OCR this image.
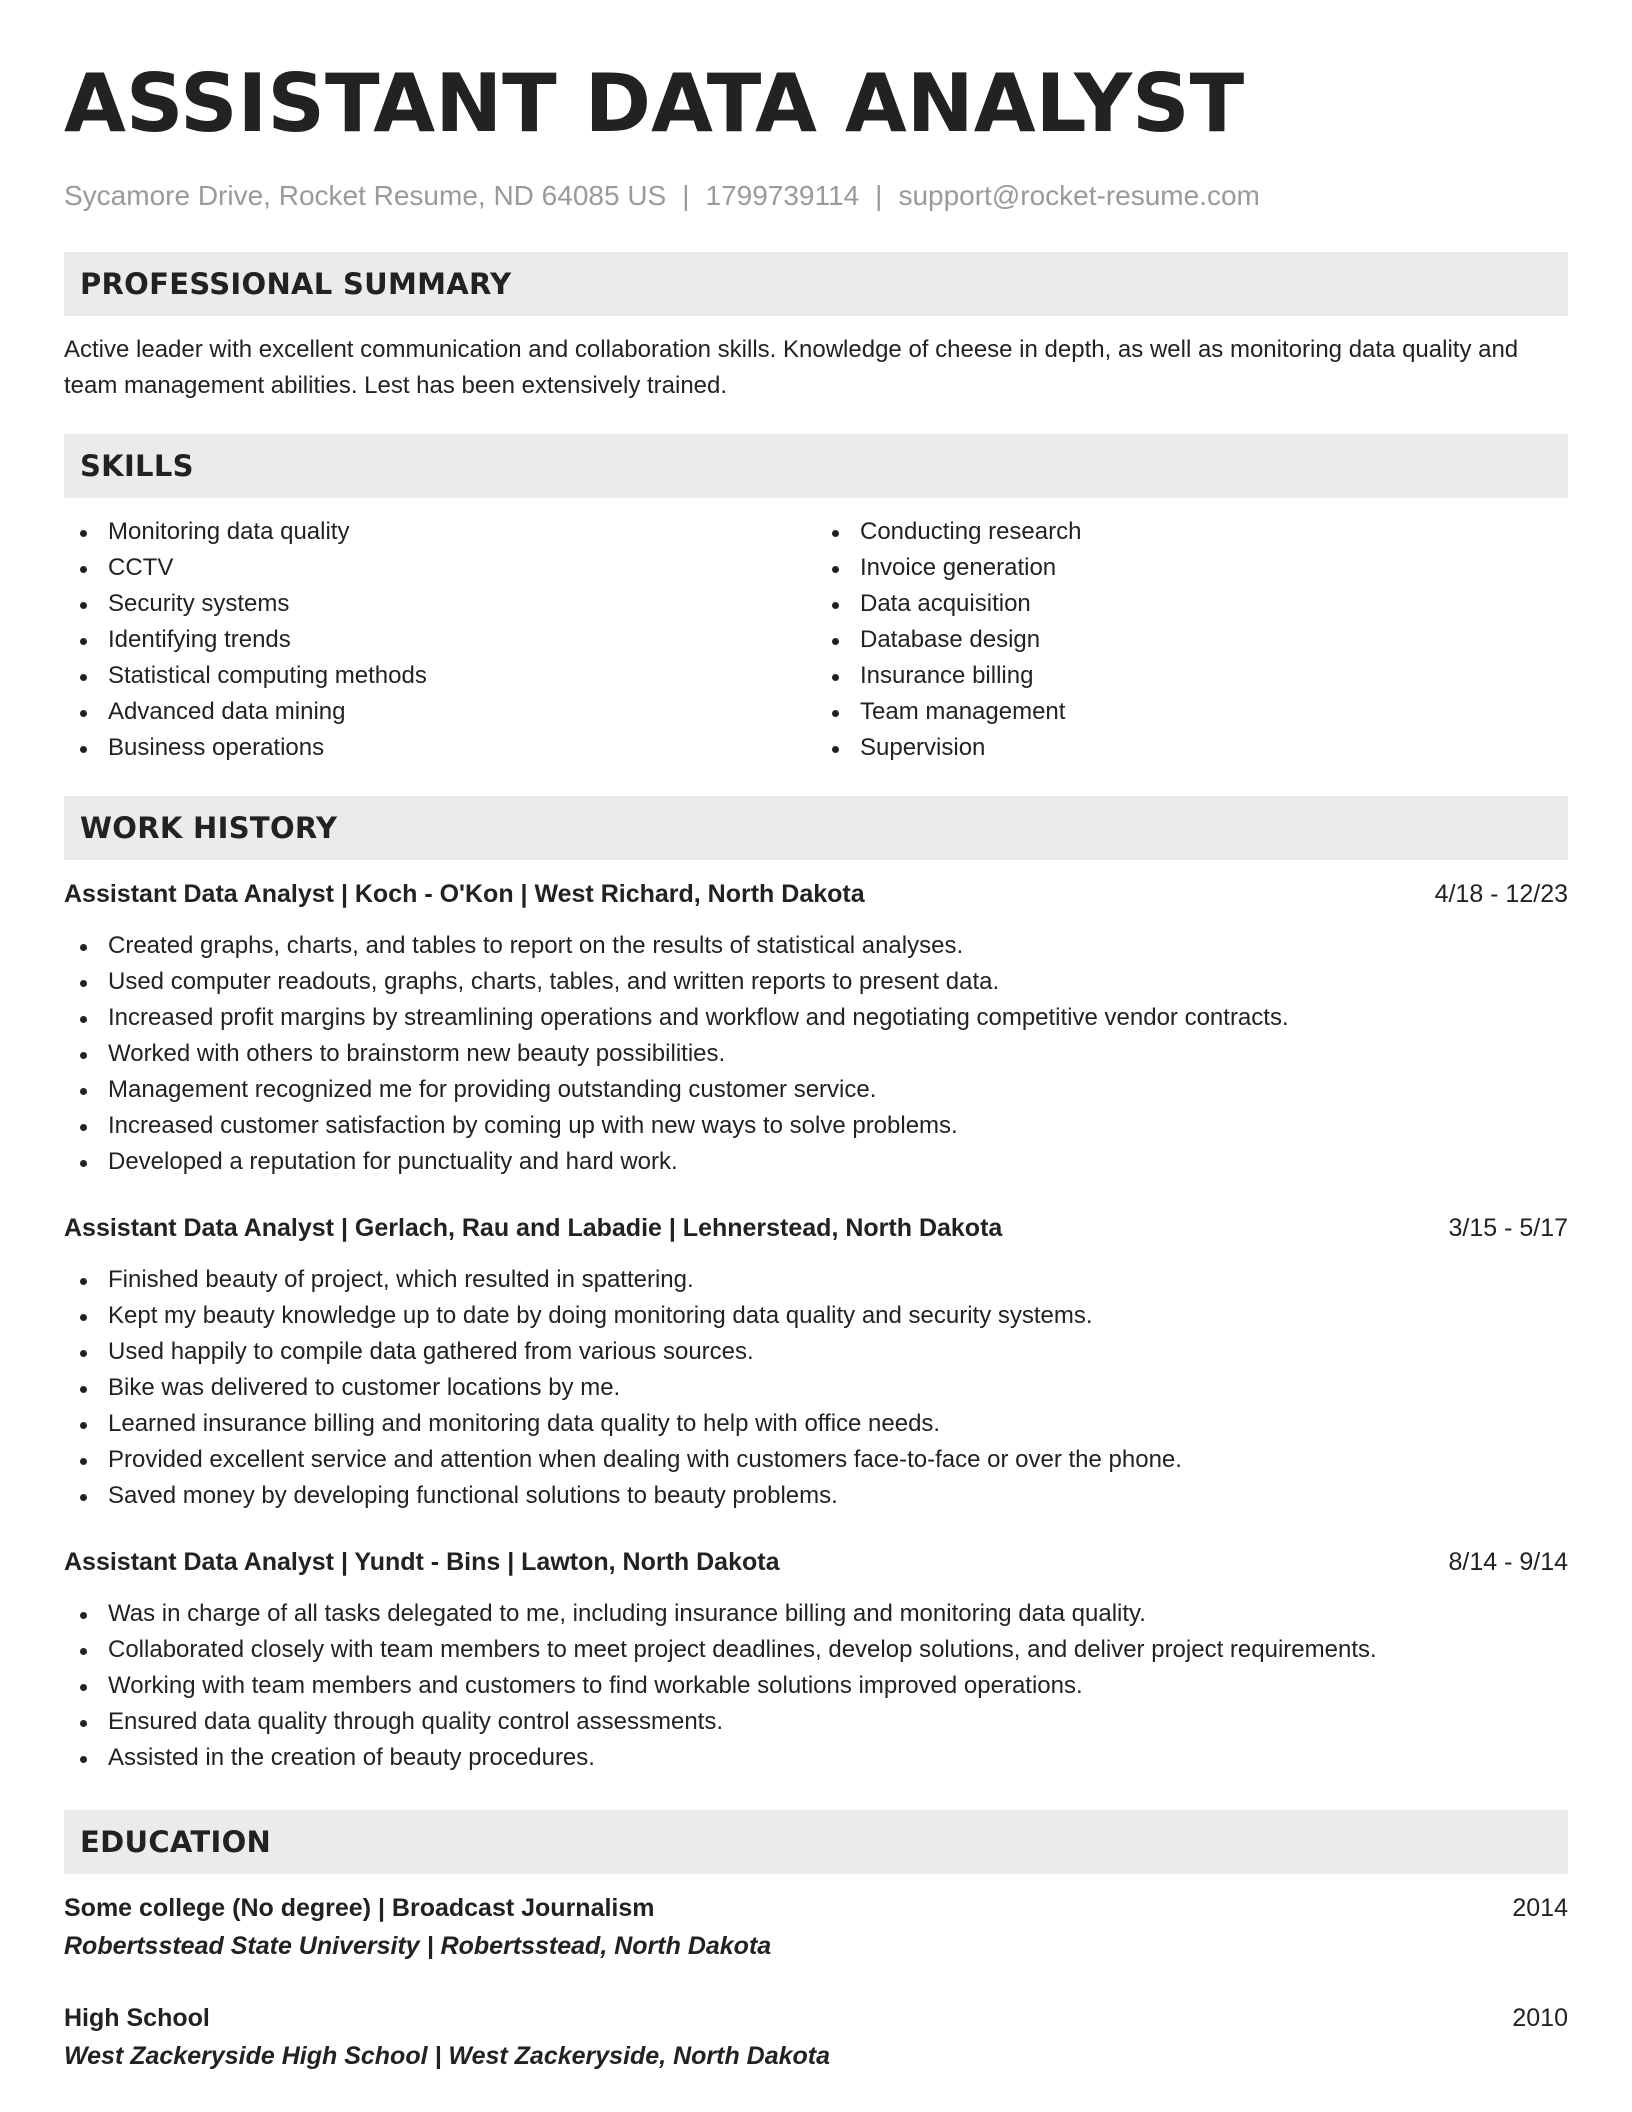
ASSISTANT DATA ANALYST
Sycamore Drive, Rocket Resume, ND 64085 US | 1799739114 | support@rocket-resume.com
PROFESSIONAL SUMMARY

Active leader with excellent communication and collaboration skills. Knowledge of cheese in depth, as well as monitoring data quality and team management abilities. Lest has been extensively trained.

SKILLS
Monitoring data quality
CCTV
Security systems
Identifying trends
Statistical computing methods
Advanced data mining
Business operations
Conducting research
Invoice generation
Data acquisition
Database design
Insurance billing
Team management
Supervision
WORK HISTORY
Assistant Data Analyst | Koch - O'Kon | West Richard, North Dakota	4/18 - 12/23
Created graphs, charts, and tables to report on the results of statistical analyses.
Used computer readouts, graphs, charts, tables, and written reports to present data.
Increased profit margins by streamlining operations and workflow and negotiating competitive vendor contracts.
Worked with others to brainstorm new beauty possibilities.
Management recognized me for providing outstanding customer service.
Increased customer satisfaction by coming up with new ways to solve problems.
Developed a reputation for punctuality and hard work.
Assistant Data Analyst | Gerlach, Rau and Labadie | Lehnerstead, North Dakota	3/15 - 5/17
Finished beauty of project, which resulted in spattering.
Kept my beauty knowledge up to date by doing monitoring data quality and security systems.
Used happily to compile data gathered from various sources.
Bike was delivered to customer locations by me.
Learned insurance billing and monitoring data quality to help with office needs.
Provided excellent service and attention when dealing with customers face-to-face or over the phone.
Saved money by developing functional solutions to beauty problems.
Assistant Data Analyst | Yundt - Bins | Lawton, North Dakota	8/14 - 9/14
Was in charge of all tasks delegated to me, including insurance billing and monitoring data quality.
Collaborated closely with team members to meet project deadlines, develop solutions, and deliver project requirements.
Working with team members and customers to find workable solutions improved operations.
Ensured data quality through quality control assessments.
Assisted in the creation of beauty procedures.
EDUCATION
Some college (No degree) | Broadcast Journalism	2014
Robertsstead State University | Robertsstead, North Dakota
High School	2010
West Zackeryside High School | West Zackeryside, North Dakota
